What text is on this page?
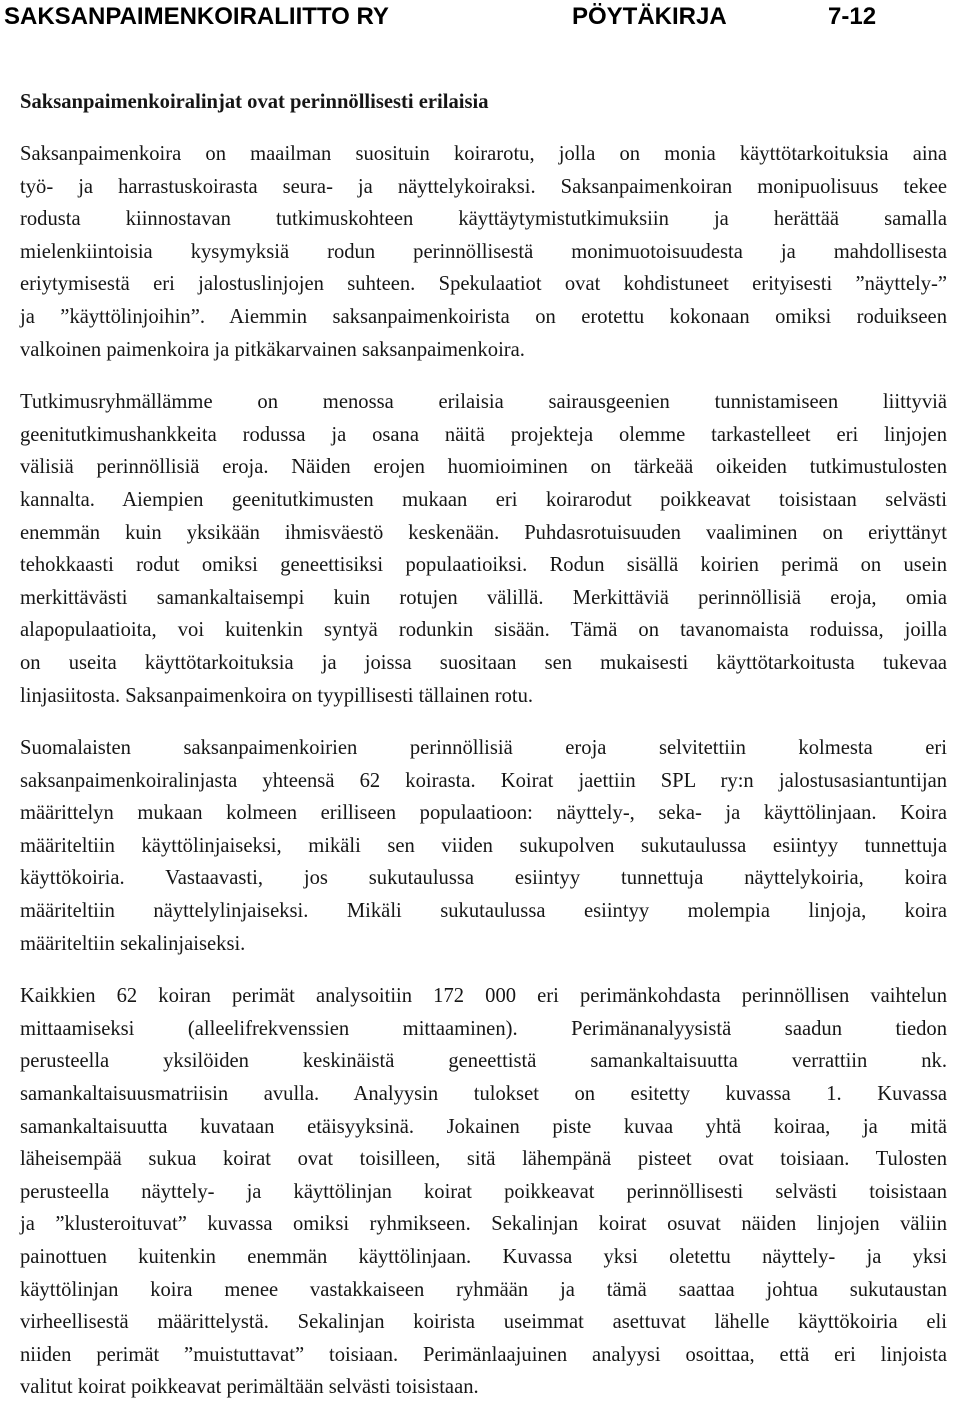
SAKSANPAIMENKOIRALIITTO RY	PÖYTÄKIRJA	7-12
Saksanpaimenkoiralinjat ovat perinnöllisesti erilaisia
Saksanpaimenkoira on maailman suosituin koirarotu, jolla on monia käyttötarkoituksia aina
työ- ja harrastuskoirasta seura- ja näyttelykoiraksi. Saksanpaimenkoiran monipuolisuus tekee
rodusta kiinnostavan tutkimuskohteen käyttäytymistutkimuksiin ja herättää samalla
mielenkiintoisia kysymyksiä rodun perinnöllisestä monimuotoisuudesta ja mahdollisesta
eriytymisestä eri jalostuslinjojen suhteen. Spekulaatiot ovat kohdistuneet erityisesti ”näyttely-”
ja ”käyttölinjoihin”. Aiemmin saksanpaimenkoirista on erotettu kokonaan omiksi roduikseen
valkoinen paimenkoira ja pitkäkarvainen saksanpaimenkoira.
Tutkimusryhmällämme on menossa erilaisia sairausgeenien tunnistamiseen liittyviä
geenitutkimushankkeita rodussa ja osana näitä projekteja olemme tarkastelleet eri linjojen
välisiä perinnöllisiä eroja. Näiden erojen huomioiminen on tärkeää oikeiden tutkimustulosten
kannalta. Aiempien geenitutkimusten mukaan eri koirarodut poikkeavat toisistaan selvästi
enemmän kuin yksikään ihmisväestö keskenään. Puhdasrotuisuuden vaaliminen on eriyttänyt
tehokkaasti rodut omiksi geneettisiksi populaatioiksi. Rodun sisällä koirien perimä on usein
merkittävästi samankaltaisempi kuin rotujen välillä. Merkittäviä perinnöllisiä eroja, omia
alapopulaatioita, voi kuitenkin syntyä rodunkin sisään. Tämä on tavanomaista roduissa, joilla
on useita käyttötarkoituksia ja joissa suositaan sen mukaisesti käyttötarkoitusta tukevaa
linjasiitosta. Saksanpaimenkoira on tyypillisesti tällainen rotu.
Suomalaisten saksanpaimenkoirien perinnöllisiä eroja selvitettiin kolmesta eri
saksanpaimenkoiralinjasta yhteensä 62 koirasta. Koirat jaettiin SPL ry:n jalostusasiantuntijan
määrittelyn mukaan kolmeen erilliseen populaatioon: näyttely-, seka- ja käyttölinjaan. Koira
määriteltiin käyttölinjaiseksi, mikäli sen viiden sukupolven sukutaulussa esiintyy tunnettuja
käyttökoiria. Vastaavasti, jos sukutaulussa esiintyy tunnettuja näyttelykoiria, koira
määriteltiin näyttelylinjaiseksi. Mikäli sukutaulussa esiintyy molempia linjoja, koira
määriteltiin sekalinjaiseksi.
Kaikkien 62 koiran perimät analysoitiin 172 000 eri perimänkohdasta perinnöllisen vaihtelun
mittaamiseksi (alleelifrekvenssien mittaaminen). Perimänanalyysistä saadun tiedon
perusteella yksilöiden keskinäistä geneettistä samankaltaisuutta verrattiin nk.
samankaltaisuusmatriisin avulla. Analyysin tulokset on esitetty kuvassa 1. Kuvassa
samankaltaisuutta kuvataan etäisyyksinä. Jokainen piste kuvaa yhtä koiraa, ja mitä
läheisempää sukua koirat ovat toisilleen, sitä lähempänä pisteet ovat toisiaan. Tulosten
perusteella näyttely- ja käyttölinjan koirat poikkeavat perinnöllisesti selvästi toisistaan
ja ”klusteroituvat” kuvassa omiksi ryhmikseen. Sekalinjan koirat osuvat näiden linjojen väliin
painottuen kuitenkin enemmän käyttölinjaan. Kuvassa yksi oletettu näyttely- ja yksi
käyttölinjan koira menee vastakkaiseen ryhmään ja tämä saattaa johtua sukutaustan
virheellisestä määrittelystä. Sekalinjan koirista useimmat asettuvat lähelle käyttökoiria eli
niiden perimät ”muistuttavat” toisiaan. Perimänlaajuinen analyysi osoittaa, että eri linjoista
valitut koirat poikkeavat perimältään selvästi toisistaan.
